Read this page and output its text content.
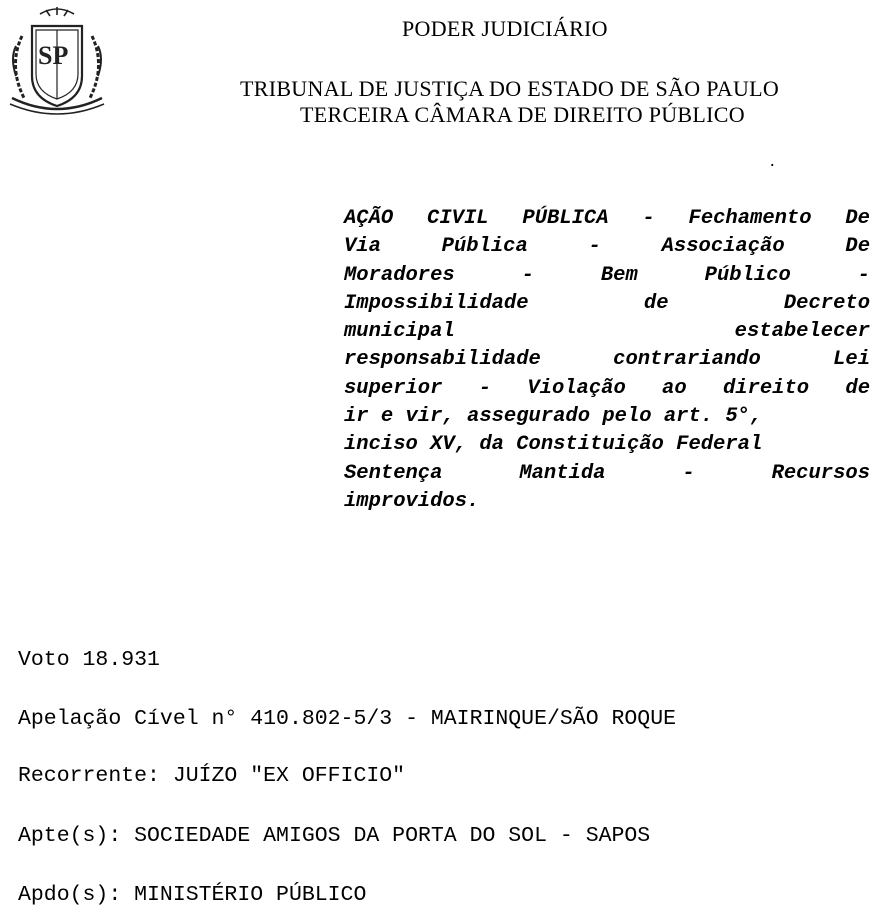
SP
PODER JUDICIÁRIO
TRIBUNAL DE JUSTIÇA DO ESTADO DE SÃO PAULO
TERCEIRA CÂMARA DE DIREITO PÚBLICO
.
AÇÃO CIVIL PÚBLICA - Fechamento De
Via Pública - Associação De
Moradores - Bem Público -
Impossibilidade de Decreto
municipal estabelecer
responsabilidade contrariando Lei
superior - Violação ao direito de
ir e vir, assegurado pelo art. 5°,
inciso XV, da Constituição Federal
Sentença Mantida - Recursos
improvidos.
Voto 18.931
Apelação Cível n° 410.802-5/3 - MAIRINQUE/SÃO ROQUE
Recorrente: JUÍZO "EX OFFICIO"
Apte(s): SOCIEDADE AMIGOS DA PORTA DO SOL - SAPOS
Apdo(s): MINISTÉRIO PÚBLICO
